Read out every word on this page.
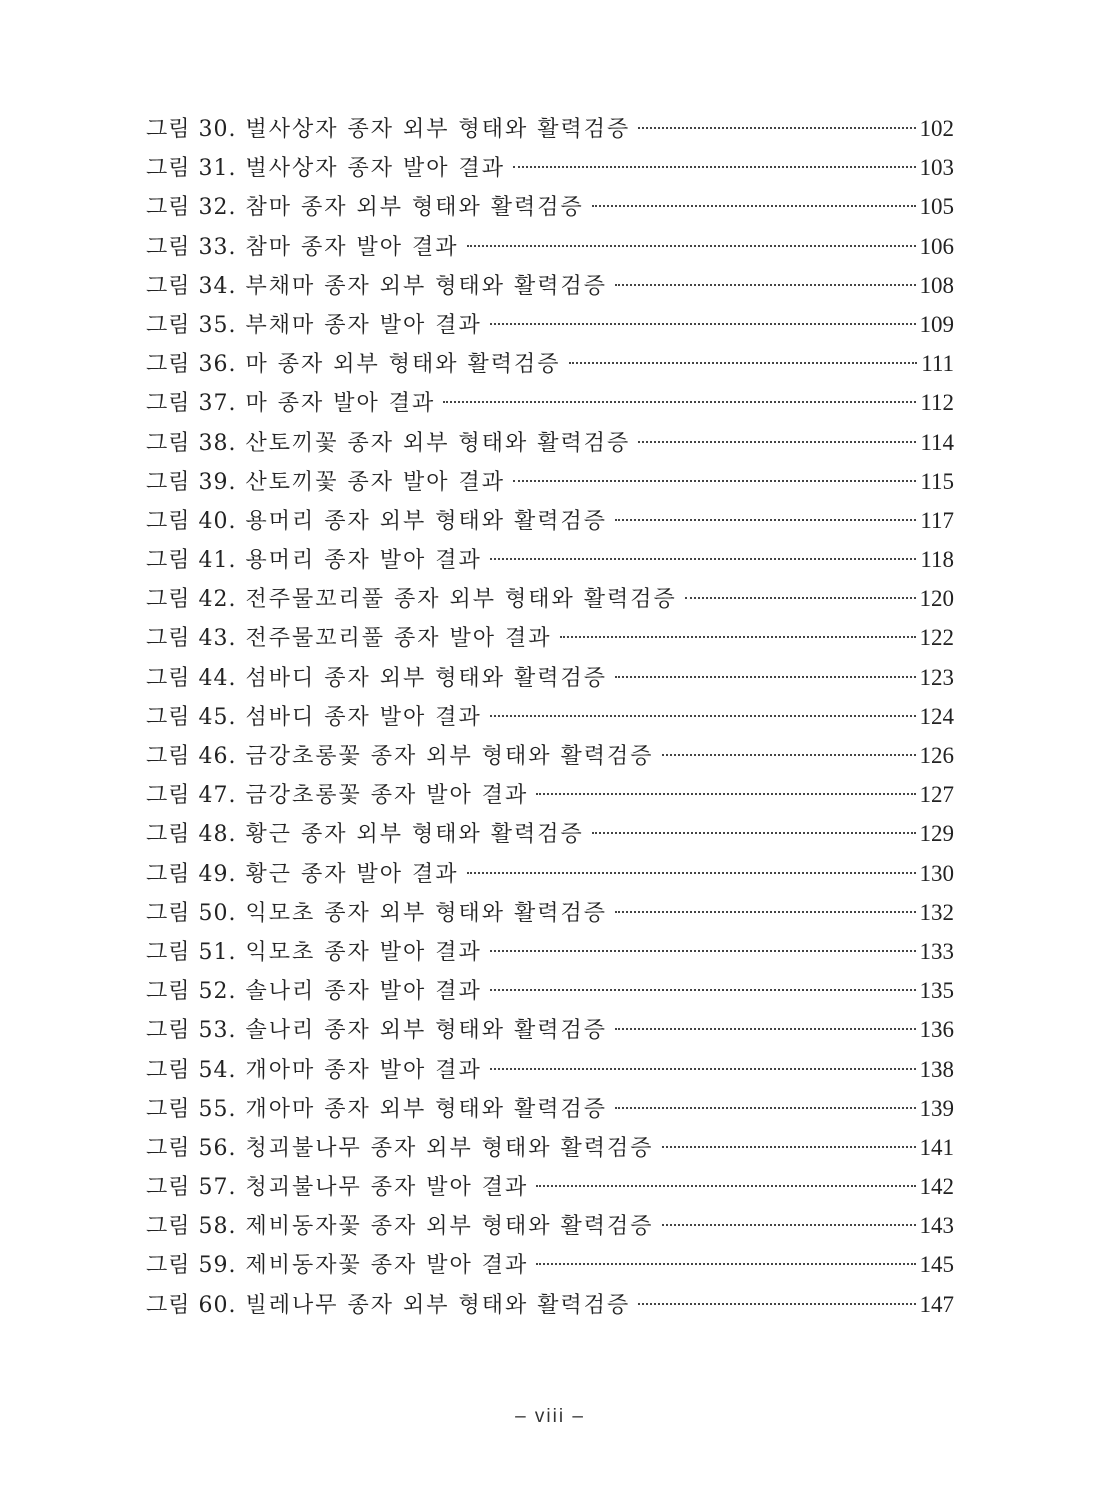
그림 30. 벌사상자 종자 외부 형태와 활력검증	102
그림 31. 벌사상자 종자 발아 결과	103
그림 32. 참마 종자 외부 형태와 활력검증	105
그림 33. 참마 종자 발아 결과	106
그림 34. 부채마 종자 외부 형태와 활력검증	108
그림 35. 부채마 종자 발아 결과	109
그림 36. 마 종자 외부 형태와 활력검증	111
그림 37. 마 종자 발아 결과	112
그림 38. 산토끼꽃 종자 외부 형태와 활력검증	114
그림 39. 산토끼꽃 종자 발아 결과	115
그림 40. 용머리 종자 외부 형태와 활력검증	117
그림 41. 용머리 종자 발아 결과	118
그림 42. 전주물꼬리풀 종자 외부 형태와 활력검증	120
그림 43. 전주물꼬리풀 종자 발아 결과	122
그림 44. 섬바디 종자 외부 형태와 활력검증	123
그림 45. 섬바디 종자 발아 결과	124
그림 46. 금강초롱꽃 종자 외부 형태와 활력검증	126
그림 47. 금강초롱꽃 종자 발아 결과	127
그림 48. 황근 종자 외부 형태와 활력검증	129
그림 49. 황근 종자 발아 결과	130
그림 50. 익모초 종자 외부 형태와 활력검증	132
그림 51. 익모초 종자 발아 결과	133
그림 52. 솔나리 종자 발아 결과	135
그림 53. 솔나리 종자 외부 형태와 활력검증	136
그림 54. 개아마 종자 발아 결과	138
그림 55. 개아마 종자 외부 형태와 활력검증	139
그림 56. 청괴불나무 종자 외부 형태와 활력검증	141
그림 57. 청괴불나무 종자 발아 결과	142
그림 58. 제비동자꽃 종자 외부 형태와 활력검증	143
그림 59. 제비동자꽃 종자 발아 결과	145
그림 60. 빌레나무 종자 외부 형태와 활력검증	147
– viii –
